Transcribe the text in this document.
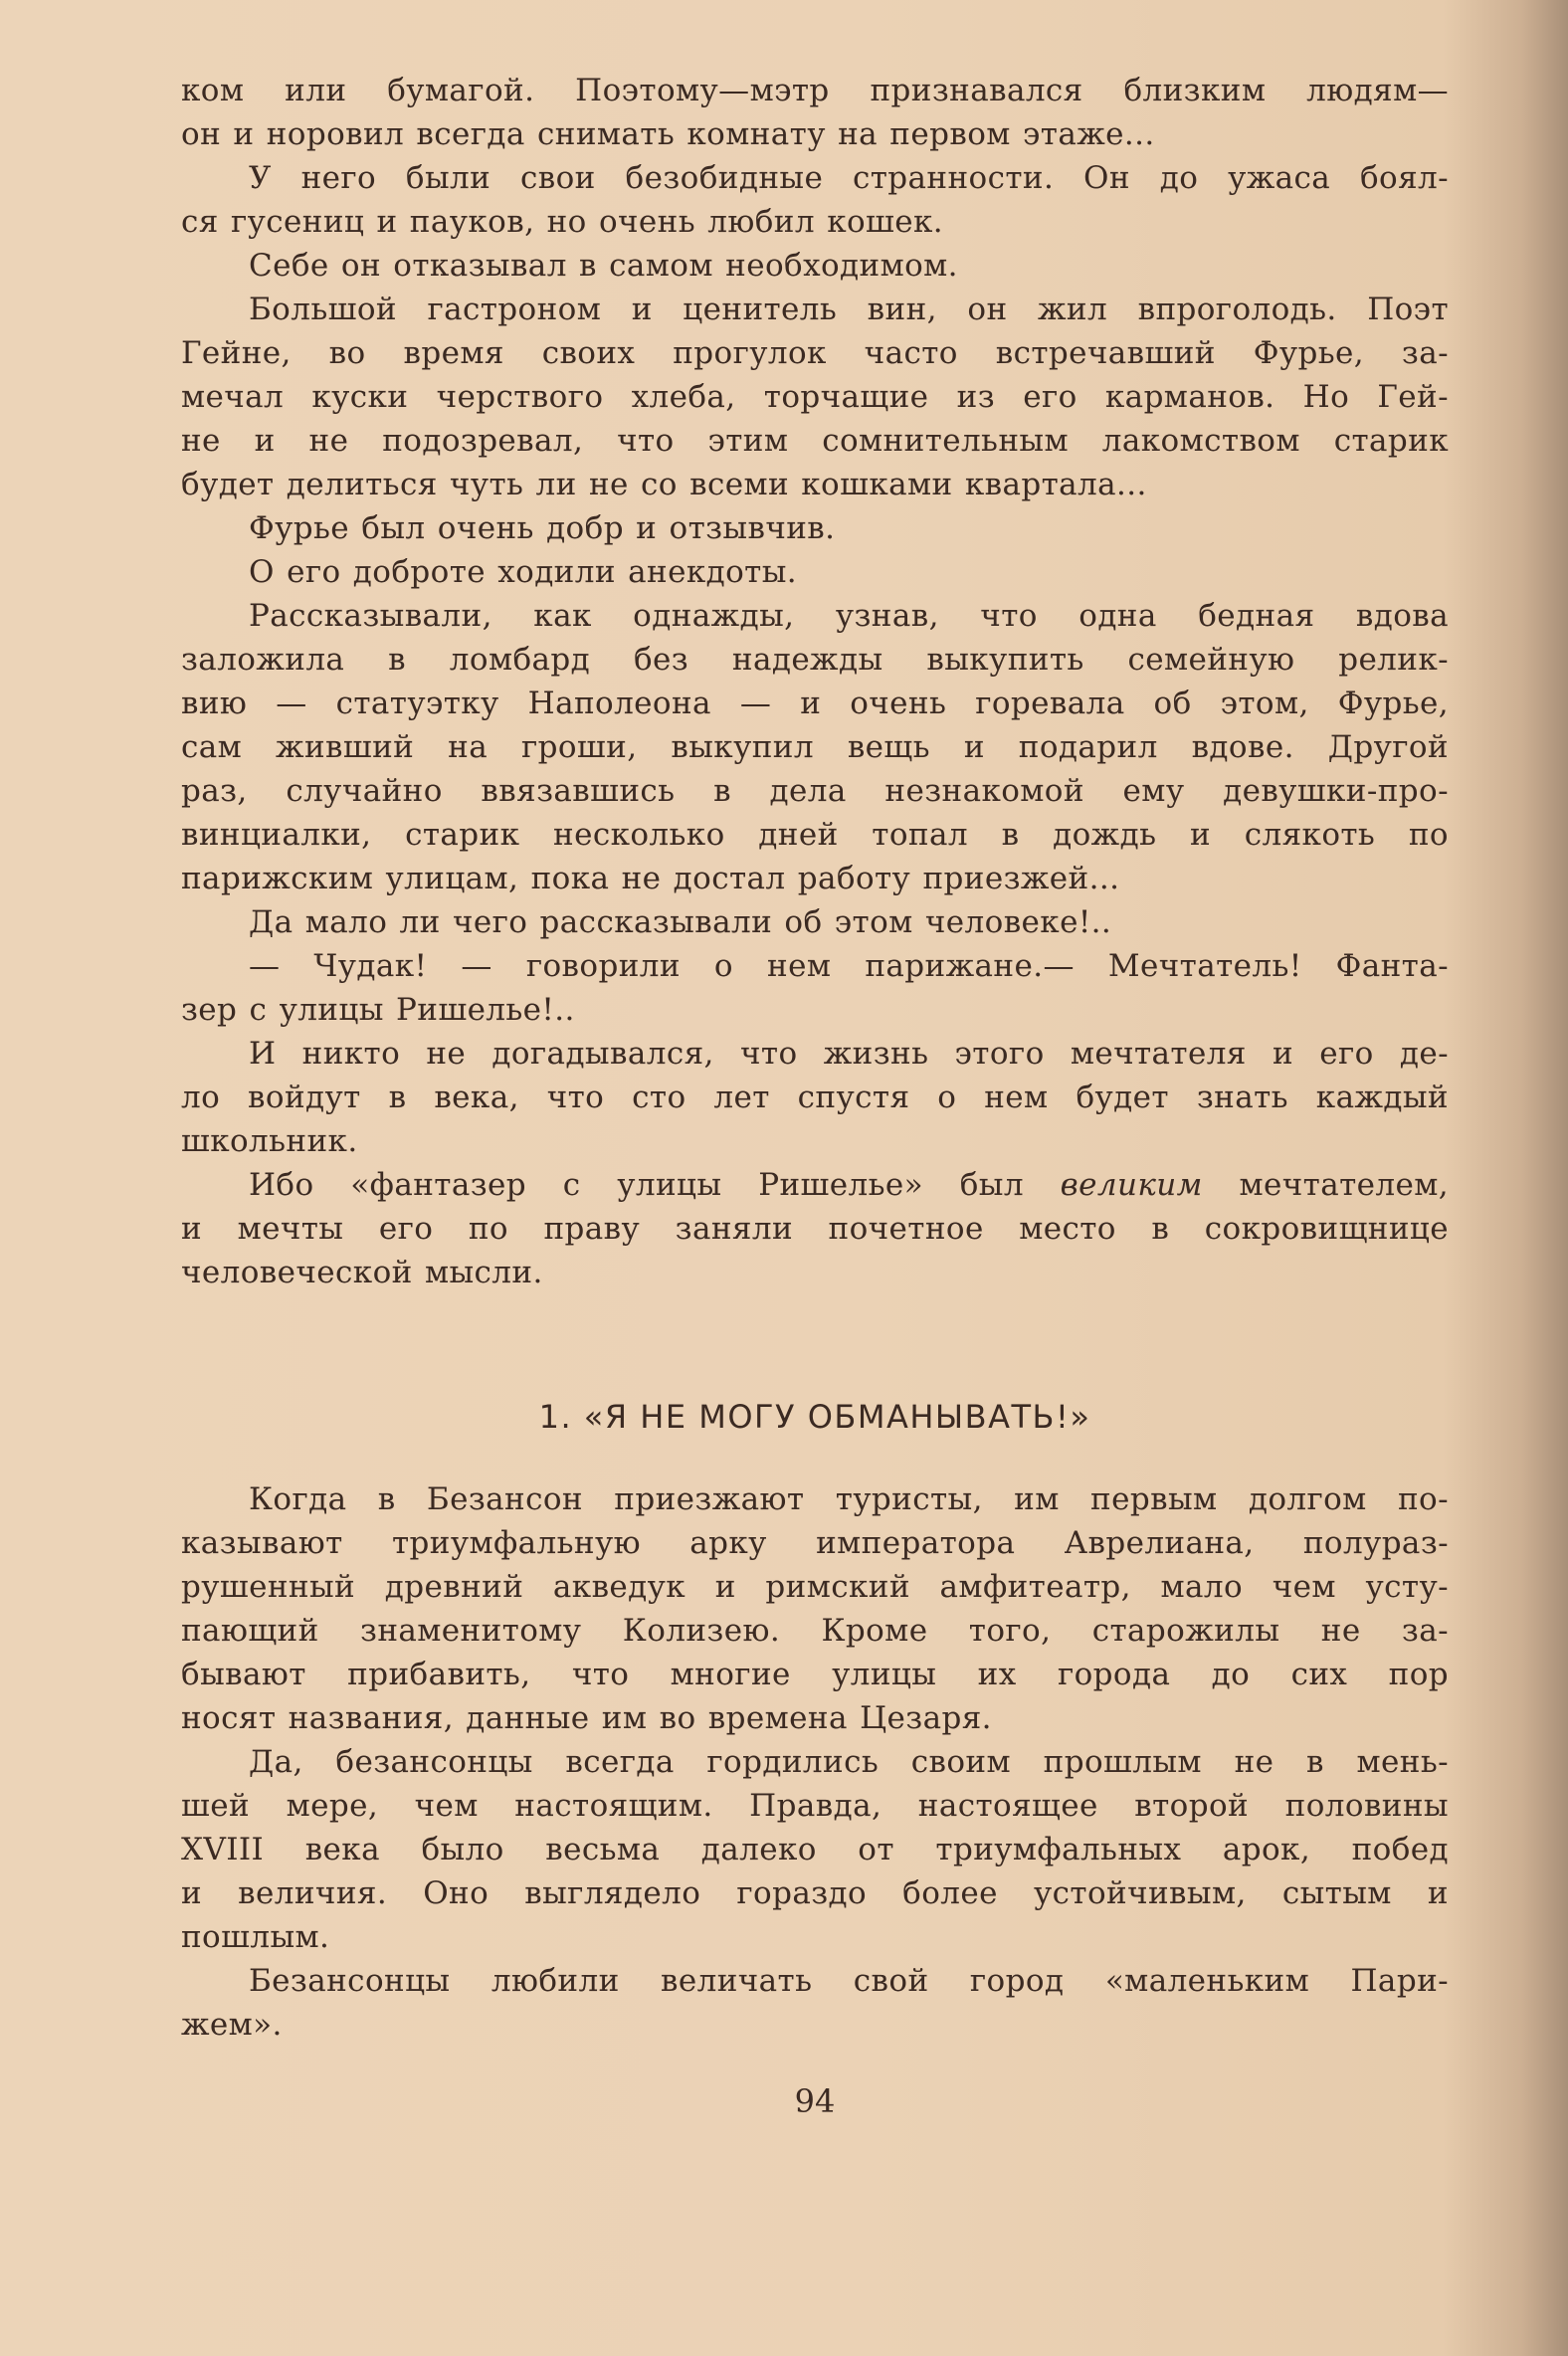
ком или бумагой. Поэтому—мэтр признавался близким людям—
он и норовил всегда снимать комнату на первом этаже...
У него были свои безобидные странности. Он до ужаса боял-
ся гусениц и пауков, но очень любил кошек.
Себе он отказывал в самом необходимом.
Большой гастроном и ценитель вин, он жил впроголодь. Поэт
Гейне, во время своих прогулок часто встречавший Фурье, за-
мечал куски черствого хлеба, торчащие из его карманов. Но Гей-
не и не подозревал, что этим сомнительным лакомством старик
будет делиться чуть ли не со всеми кошками квартала...
Фурье был очень добр и отзывчив.
О его доброте ходили анекдоты.
Рассказывали, как однажды, узнав, что одна бедная вдова
заложила в ломбард без надежды выкупить семейную релик-
вию — статуэтку Наполеона — и очень горевала об этом, Фурье,
сам живший на гроши, выкупил вещь и подарил вдове. Другой
раз, случайно ввязавшись в дела незнакомой ему девушки-про-
винциалки, старик несколько дней топал в дождь и слякоть по
парижским улицам, пока не достал работу приезжей...
Да мало ли чего рассказывали об этом человеке!..
— Чудак! — говорили о нем парижане.— Мечтатель! Фанта-
зер с улицы Ришелье!..
И никто не догадывался, что жизнь этого мечтателя и его де-
ло войдут в века, что сто лет спустя о нем будет знать каждый
школьник.
Ибо «фантазер с улицы Ришелье» был великим мечтателем,
и мечты его по праву заняли почетное место в сокровищнице
человеческой мысли.
1. «Я НЕ МОГУ ОБМАНЫВАТЬ!»
Когда в Безансон приезжают туристы, им первым долгом по-
казывают триумфальную арку императора Аврелиана, полураз-
рушенный древний акведук и римский амфитеатр, мало чем усту-
пающий знаменитому Колизею. Кроме того, старожилы не за-
бывают прибавить, что многие улицы их города до сих пор
носят названия, данные им во времена Цезаря.
Да, безансонцы всегда гордились своим прошлым не в мень-
шей мере, чем настоящим. Правда, настоящее второй половины
XVIII века было весьма далеко от триумфальных арок, побед
и величия. Оно выглядело гораздо более устойчивым, сытым и
пошлым.
Безансонцы любили величать свой город «маленьким Пари-
жем».
94
